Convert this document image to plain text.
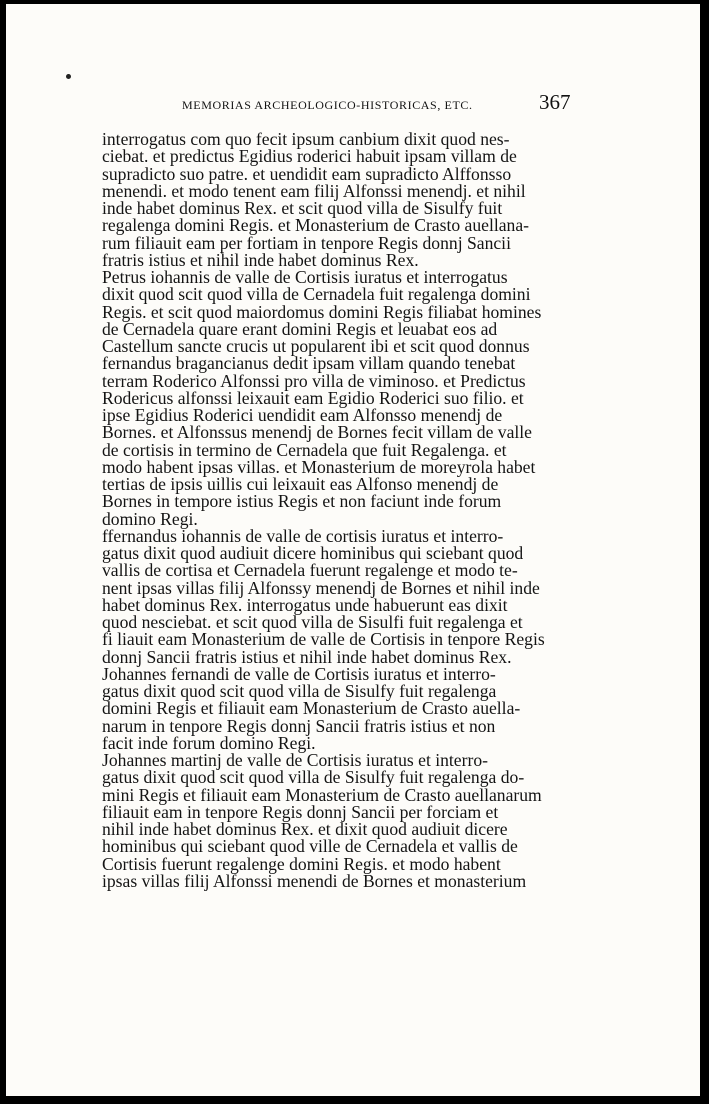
MEMORIAS ARCHEOLOGICO-HISTORICAS, ETC.	367

interrogatus com quo fecit ipsum canbium dixit quod nes-
ciebat. et predictus Egidius roderici habuit ipsam villam de
supradicto suo patre. et uendidit eam supradicto Alffonsso
menendi. et modo tenent eam filij Alfonssi menendj. et nihil
inde habet dominus Rex. et scit quod villa de Sisulfy fuit
regalenga domini Regis. et Monasterium de Crasto auellana-
rum filiauit eam per fortiam in tenpore Regis donnj Sancii
fratris istius et nihil inde habet dominus Rex.

Petrus iohannis de valle de Cortisis iuratus et interrogatus
dixit quod scit quod villa de Cernadela fuit regalenga domini
Regis. et scit quod maiordomus domini Regis filiabat homines
de Cernadela quare erant domini Regis et leuabat eos ad
Castellum sancte crucis ut popularent ibi et scit quod donnus
fernandus bragancianus dedit ipsam villam quando tenebat
terram Roderico Alfonssi pro villa de viminoso. et Predictus
Rodericus alfonssi leixauit eam Egidio Roderici suo filio. et
ipse Egidius Roderici uendidit eam Alfonsso menendj de
Bornes. et Alfonssus menendj de Bornes fecit villam de valle
de cortisis in termino de Cernadela que fuit Regalenga. et
modo habent ipsas villas. et Monasterium de moreyrola habet
tertias de ipsis uillis cui leixauit eas Alfonso menendj de
Bornes in tempore istius Regis et non faciunt inde forum
domino Regi.

ffernandus iohannis de valle de cortisis iuratus et interro-
gatus dixit quod audiuit dicere hominibus qui sciebant quod
vallis de cortisa et Cernadela fuerunt regalenge et modo te-
nent ipsas villas filij Alfonssy menendj de Bornes et nihil inde
habet dominus Rex. interrogatus unde habuerunt eas dixit
quod nesciebat. et scit quod villa de Sisulfi fuit regalenga et
fi liauit eam Monasterium de valle de Cortisis in tenpore Regis
donnj Sancii fratris istius et nihil inde habet dominus Rex.

Johannes fernandi de valle de Cortisis iuratus et interro-
gatus dixit quod scit quod villa de Sisulfy fuit regalenga
domini Regis et filiauit eam Monasterium de Crasto auella-
narum in tenpore Regis donnj Sancii fratris istius et non
facit inde forum domino Regi.

Johannes martinj de valle de Cortisis iuratus et interro-
gatus dixit quod scit quod villa de Sisulfy fuit regalenga do-
mini Regis et filiauit eam Monasterium de Crasto auellanarum
filiauit eam in tenpore Regis donnj Sancii per forciam et
nihil inde habet dominus Rex. et dixit quod audiuit dicere
hominibus qui sciebant quod ville de Cernadela et vallis de
Cortisis fuerunt regalenge domini Regis. et modo habent
ipsas villas filij Alfonssi menendi de Bornes et monasterium
